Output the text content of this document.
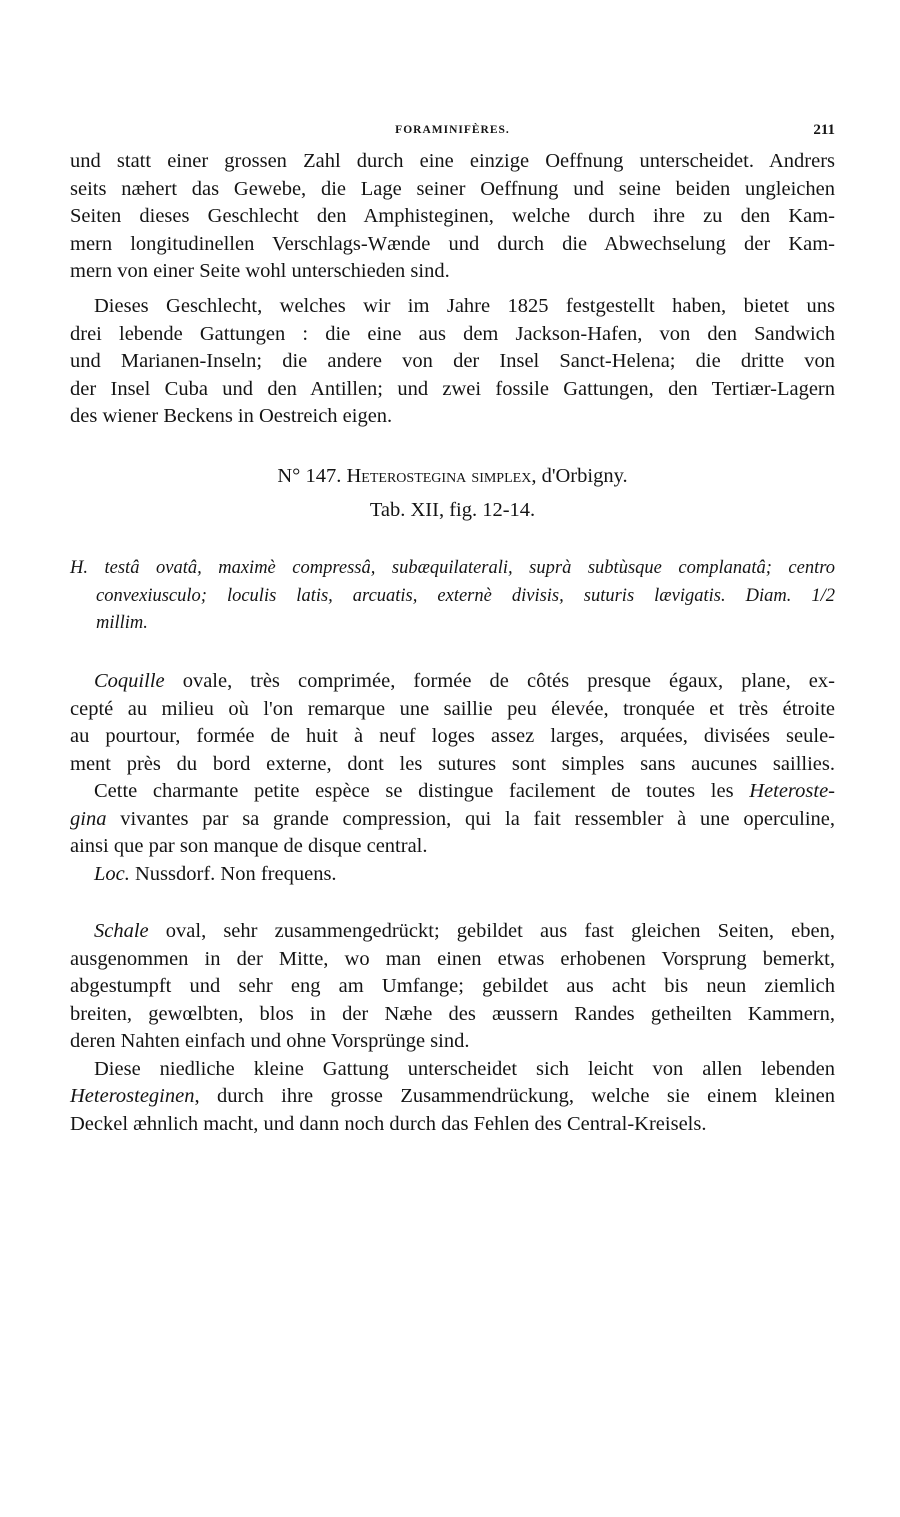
FORAMINIFÈRES.	211
und statt einer grossen Zahl durch eine einzige Oeffnung unterscheidet. Andrers
seits næhert das Gewebe, die Lage seiner Oeffnung und seine beiden ungleichen
Seiten dieses Geschlecht den Amphisteginen, welche durch ihre zu den Kam-
mern longitudinellen Verschlags-Wænde und durch die Abwechselung der Kam-
mern von einer Seite wohl unterschieden sind.
Dieses Geschlecht, welches wir im Jahre 1825 festgestellt haben, bietet uns
drei lebende Gattungen : die eine aus dem Jackson-Hafen, von den Sandwich
und Marianen-Inseln; die andere von der Insel Sanct-Helena; die dritte von
der Insel Cuba und den Antillen; und zwei fossile Gattungen, den Tertiær-Lagern
des wiener Beckens in Oestreich eigen.
N° 147. Heterostegina simplex, d'Orbigny.
Tab. XII, fig. 12-14.
H. testâ ovatâ, maximè compressâ, subæquilaterali, suprà subtùsque complanatâ; centro
convexiusculo; loculis latis, arcuatis, externè divisis, suturis lævigatis. Diam. 1/2
millim.
Coquille ovale, très comprimée, formée de côtés presque égaux, plane, ex-
cepté au milieu où l'on remarque une saillie peu élevée, tronquée et très étroite
au pourtour, formée de huit à neuf loges assez larges, arquées, divisées seule-
ment près du bord externe, dont les sutures sont simples sans aucunes saillies.
Cette charmante petite espèce se distingue facilement de toutes les Heteroste-
gina vivantes par sa grande compression, qui la fait ressembler à une operculine,
ainsi que par son manque de disque central.
Loc. Nussdorf. Non frequens.
Schale oval, sehr zusammengedrückt; gebildet aus fast gleichen Seiten, eben,
ausgenommen in der Mitte, wo man einen etwas erhobenen Vorsprung bemerkt,
abgestumpft und sehr eng am Umfange; gebildet aus acht bis neun ziemlich
breiten, gewœlbten, blos in der Næhe des æussern Randes getheilten Kammern,
deren Nahten einfach und ohne Vorsprünge sind.
Diese niedliche kleine Gattung unterscheidet sich leicht von allen lebenden
Heterosteginen, durch ihre grosse Zusammendrückung, welche sie einem kleinen
Deckel æhnlich macht, und dann noch durch das Fehlen des Central-Kreisels.
